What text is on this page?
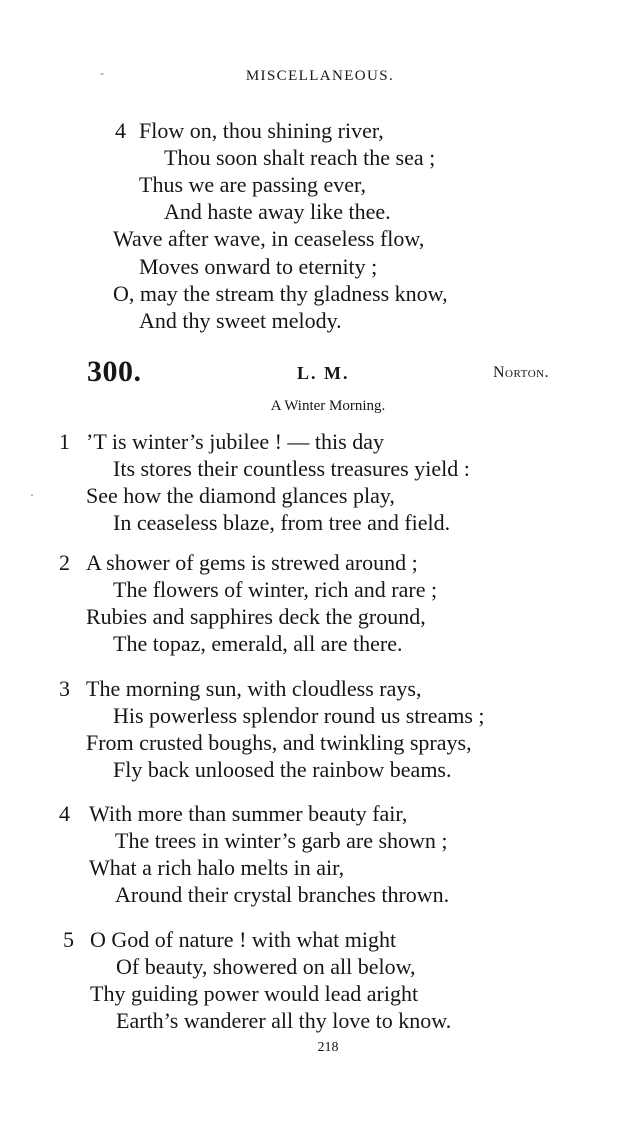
-
·
MISCELLANEOUS.
4 Flow on, thou shining river,
Thou soon shalt reach the sea ;
Thus we are passing ever,
And haste away like thee.
Wave after wave, in ceaseless flow,
Moves onward to eternity ;
O, may the stream thy gladness know,
And thy sweet melody.
300.	L. M.	Norton.
A Winter Morning.
1 ’T is winter’s jubilee ! — this day
Its stores their countless treasures yield :
See how the diamond glances play,
In ceaseless blaze, from tree and field.
2 A shower of gems is strewed around ;
The flowers of winter, rich and rare ;
Rubies and sapphires deck the ground,
The topaz, emerald, all are there.
3 The morning sun, with cloudless rays,
His powerless splendor round us streams ;
From crusted boughs, and twinkling sprays,
Fly back unloosed the rainbow beams.
4 With more than summer beauty fair,
The trees in winter’s garb are shown ;
What a rich halo melts in air,
Around their crystal branches thrown.
5 O God of nature ! with what might
Of beauty, showered on all below,
Thy guiding power would lead aright
Earth’s wanderer all thy love to know.
218
